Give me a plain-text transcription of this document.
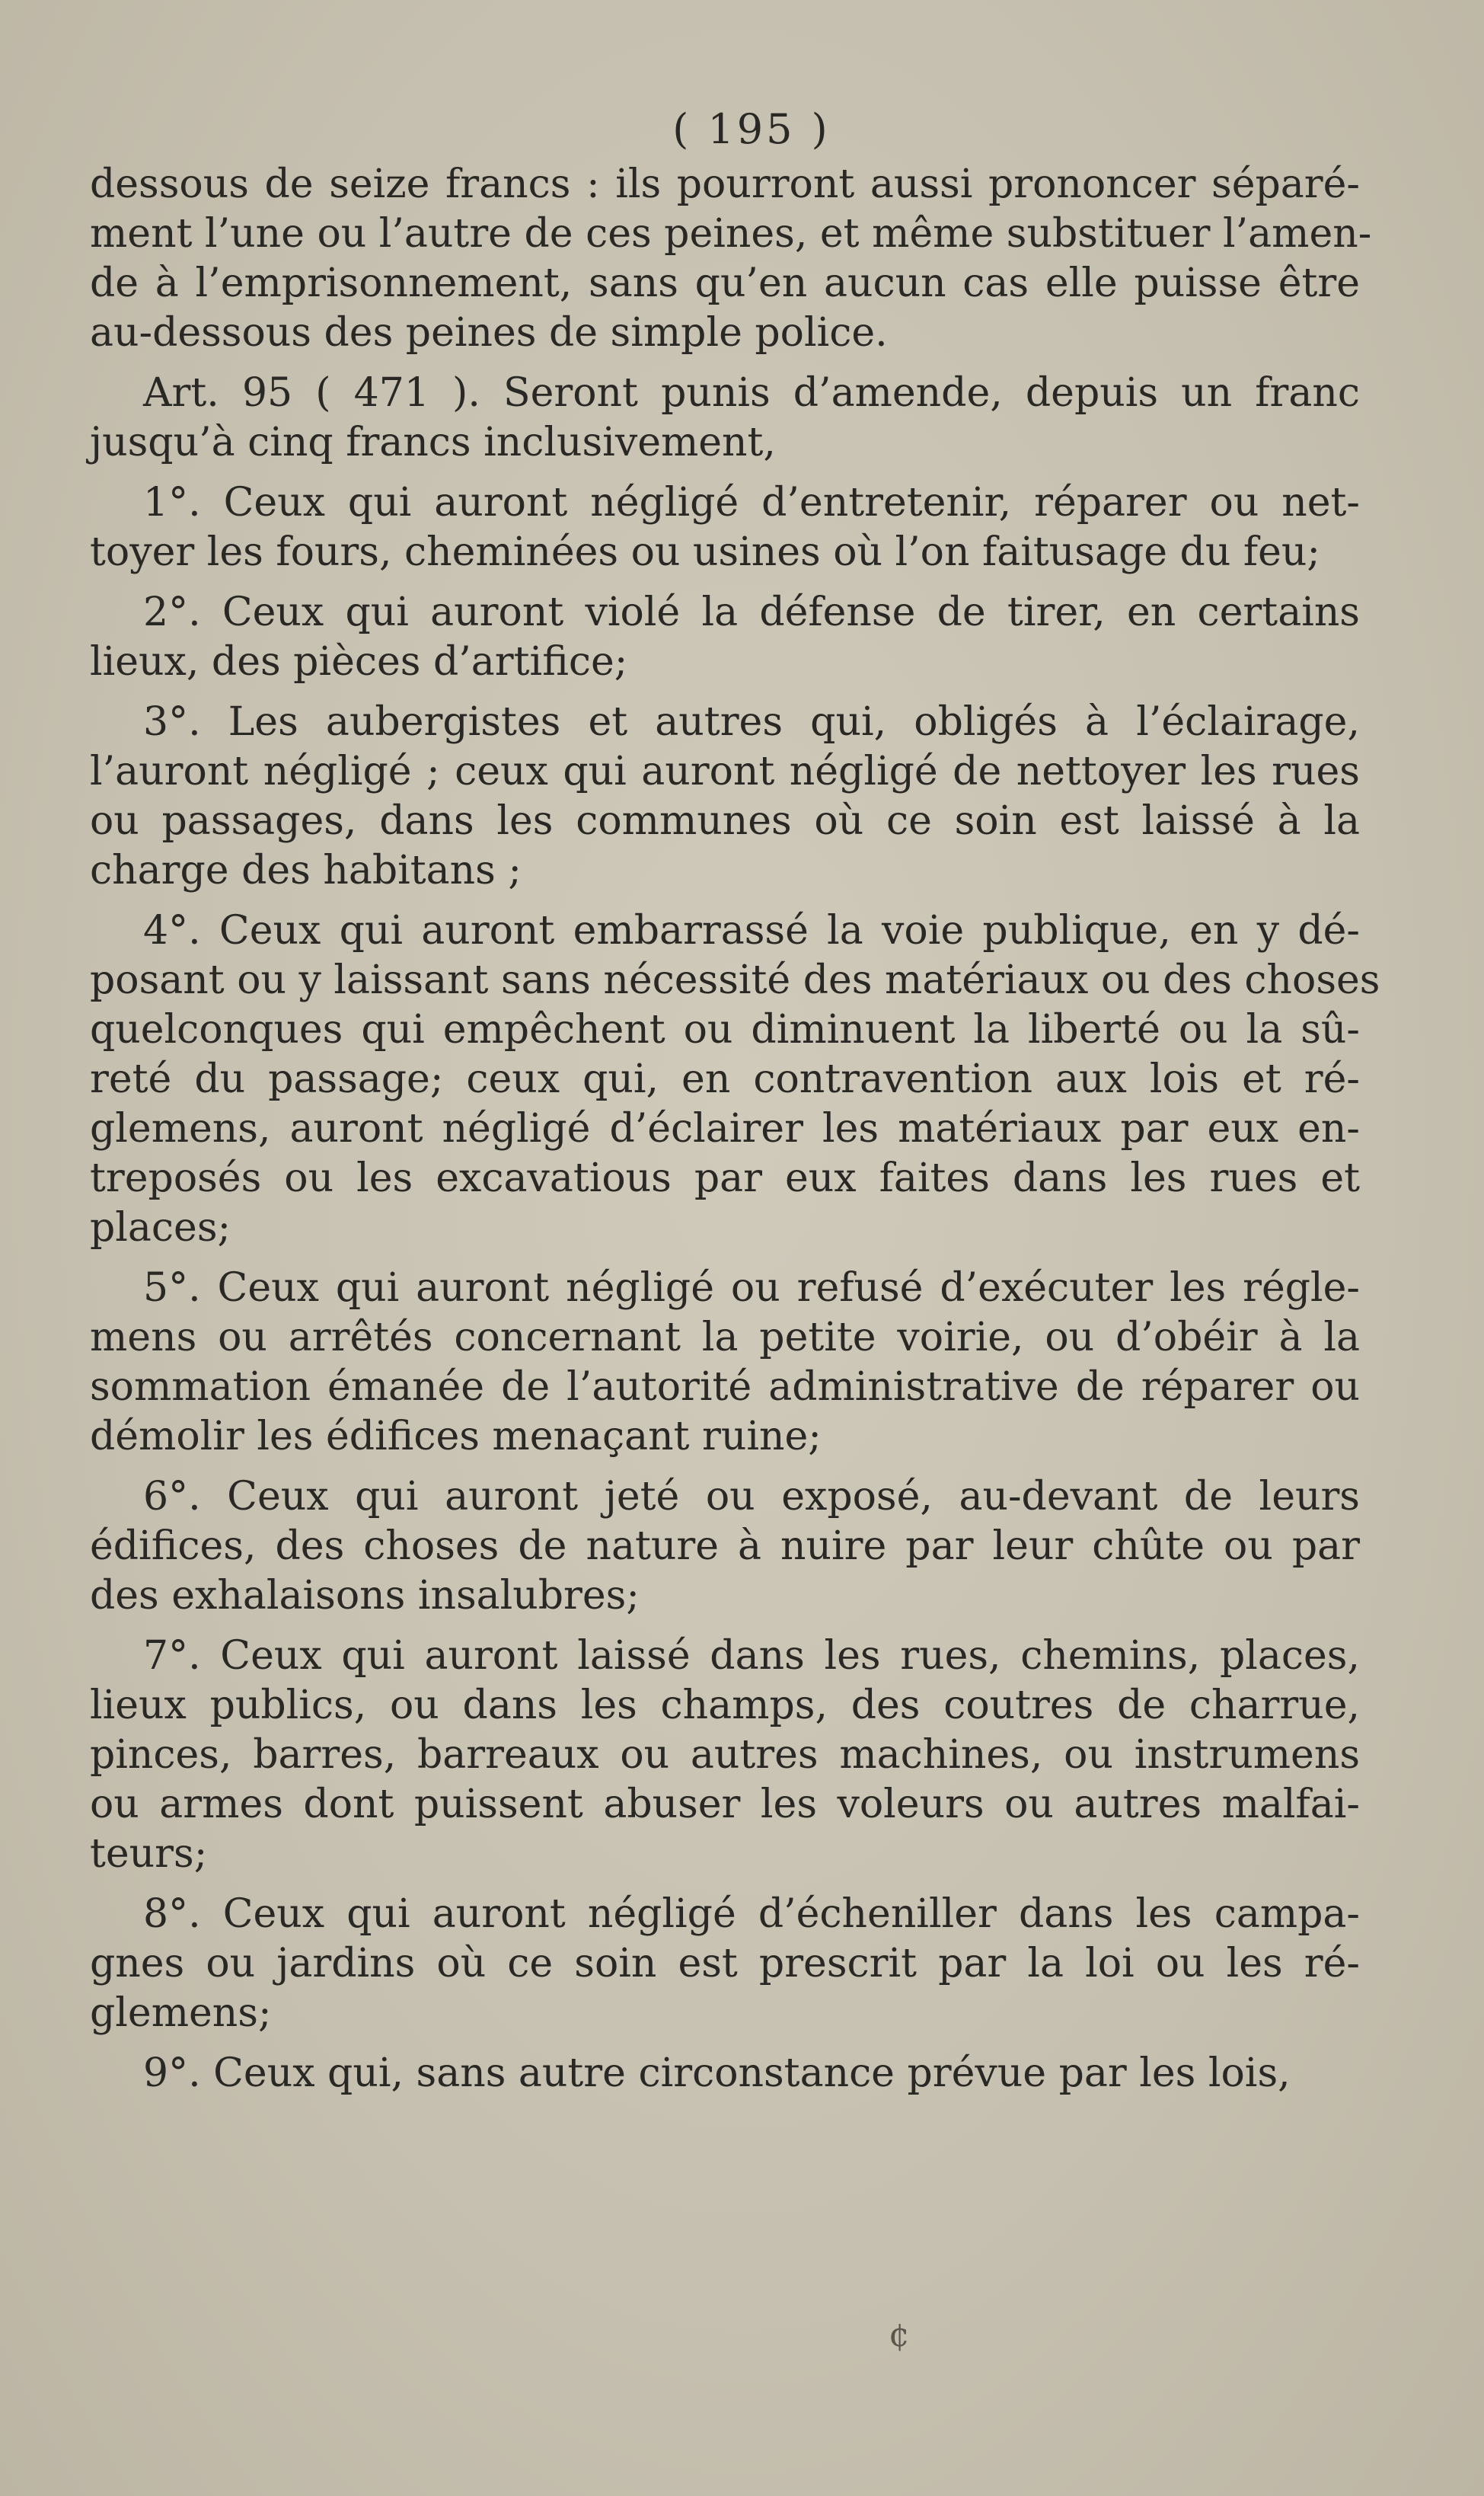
( 195 )
dessous de seize francs : ils pourront aussi prononcer séparé-
ment l’une ou l’autre de ces peines, et même substituer l’amen-
de à l’emprisonnement, sans qu’en aucun cas elle puisse être
au-dessous des peines de simple police.
Art. 95 ( 471 ). Seront punis d’amende, depuis un franc
jusqu’à cinq francs inclusivement,
1°. Ceux qui auront négligé d’entretenir, réparer ou net-
toyer les fours, cheminées ou usines où l’on faitusage du feu;
2°. Ceux qui auront violé la défense de tirer, en certains
lieux, des pièces d’artifice;
3°. Les aubergistes et autres qui, obligés à l’éclairage,
l’auront négligé ; ceux qui auront négligé de nettoyer les rues
ou passages, dans les communes où ce soin est laissé à la
charge des habitans ;
4°. Ceux qui auront embarrassé la voie publique, en y dé-
posant ou y laissant sans nécessité des matériaux ou des choses
quelconques qui empêchent ou diminuent la liberté ou la sû-
reté du passage; ceux qui, en contravention aux lois et ré-
glemens, auront négligé d’éclairer les matériaux par eux en-
treposés ou les excavatious par eux faites dans les rues et
places;
5°. Ceux qui auront négligé ou refusé d’exécuter les régle-
mens ou arrêtés concernant la petite voirie, ou d’obéir à la
sommation émanée de l’autorité administrative de réparer ou
démolir les édifices menaçant ruine;
6°. Ceux qui auront jeté ou exposé, au-devant de leurs
édifices, des choses de nature à nuire par leur chûte ou par
des exhalaisons insalubres;
7°. Ceux qui auront laissé dans les rues, chemins, places,
lieux publics, ou dans les champs, des coutres de charrue,
pinces, barres, barreaux ou autres machines, ou instrumens
ou armes dont puissent abuser les voleurs ou autres malfai-
teurs;
8°. Ceux qui auront négligé d’écheniller dans les campa-
gnes ou jardins où ce soin est prescrit par la loi ou les ré-
glemens;
9°. Ceux qui, sans autre circonstance prévue par les lois,
¢
